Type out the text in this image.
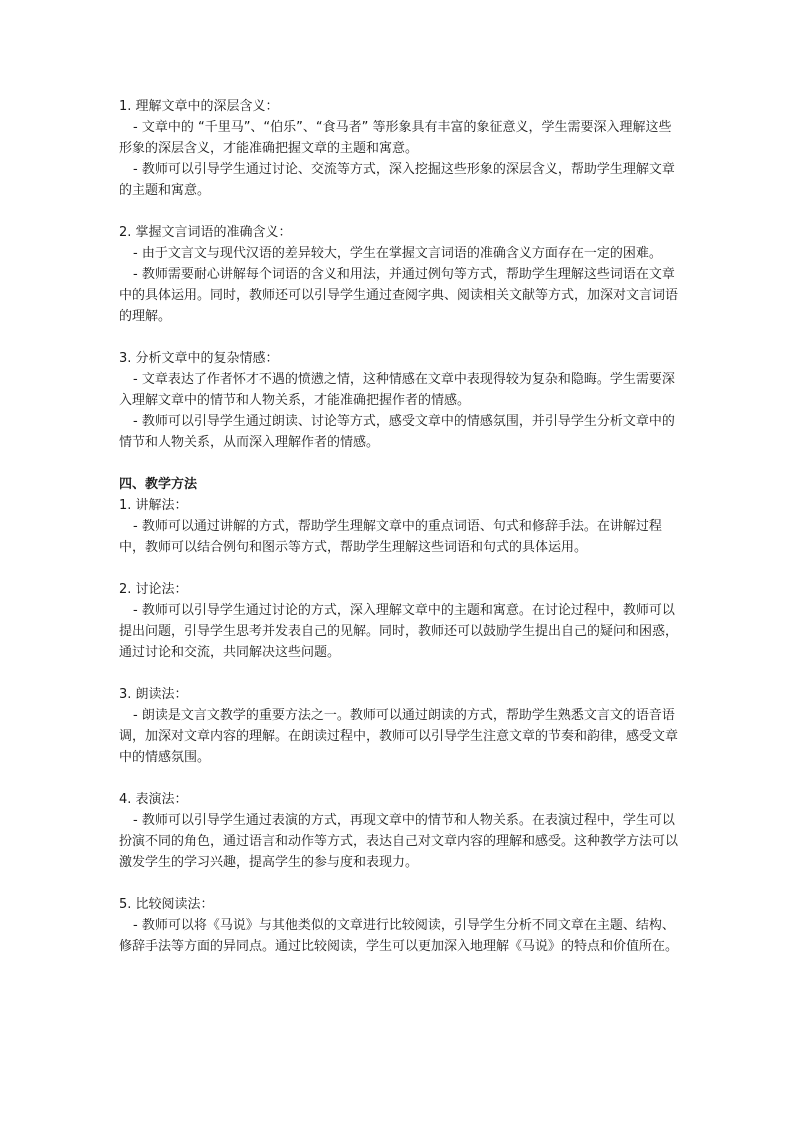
1. 理解文章中的深层含义：
- 文章中的 “千里马”、“伯乐”、“食马者” 等形象具有丰富的象征意义，学生需要深入理解这些形象的深层含义，才能准确把握文章的主题和寓意。
- 教师可以引导学生通过讨论、交流等方式，深入挖掘这些形象的深层含义，帮助学生理解文章的主题和寓意。
2. 掌握文言词语的准确含义：
- 由于文言文与现代汉语的差异较大，学生在掌握文言词语的准确含义方面存在一定的困难。
- 教师需要耐心讲解每个词语的含义和用法，并通过例句等方式，帮助学生理解这些词语在文章中的具体运用。同时，教师还可以引导学生通过查阅字典、阅读相关文献等方式，加深对文言词语的理解。
3. 分析文章中的复杂情感：
- 文章表达了作者怀才不遇的愤懑之情，这种情感在文章中表现得较为复杂和隐晦。学生需要深入理解文章中的情节和人物关系，才能准确把握作者的情感。
- 教师可以引导学生通过朗读、讨论等方式，感受文章中的情感氛围，并引导学生分析文章中的情节和人物关系，从而深入理解作者的情感。
四、教学方法
1. 讲解法：
- 教师可以通过讲解的方式，帮助学生理解文章中的重点词语、句式和修辞手法。在讲解过程中，教师可以结合例句和图示等方式，帮助学生理解这些词语和句式的具体运用。
2. 讨论法：
- 教师可以引导学生通过讨论的方式，深入理解文章中的主题和寓意。在讨论过程中，教师可以提出问题，引导学生思考并发表自己的见解。同时，教师还可以鼓励学生提出自己的疑问和困惑，通过讨论和交流，共同解决这些问题。
3. 朗读法：
- 朗读是文言文教学的重要方法之一。教师可以通过朗读的方式，帮助学生熟悉文言文的语音语调，加深对文章内容的理解。在朗读过程中，教师可以引导学生注意文章的节奏和韵律，感受文章中的情感氛围。
4. 表演法：
- 教师可以引导学生通过表演的方式，再现文章中的情节和人物关系。在表演过程中，学生可以扮演不同的角色，通过语言和动作等方式，表达自己对文章内容的理解和感受。这种教学方法可以激发学生的学习兴趣，提高学生的参与度和表现力。
5. 比较阅读法：
- 教师可以将《马说》与其他类似的文章进行比较阅读，引导学生分析不同文章在主题、结构、修辞手法等方面的异同点。通过比较阅读，学生可以更加深入地理解《马说》的特点和价值所在。
